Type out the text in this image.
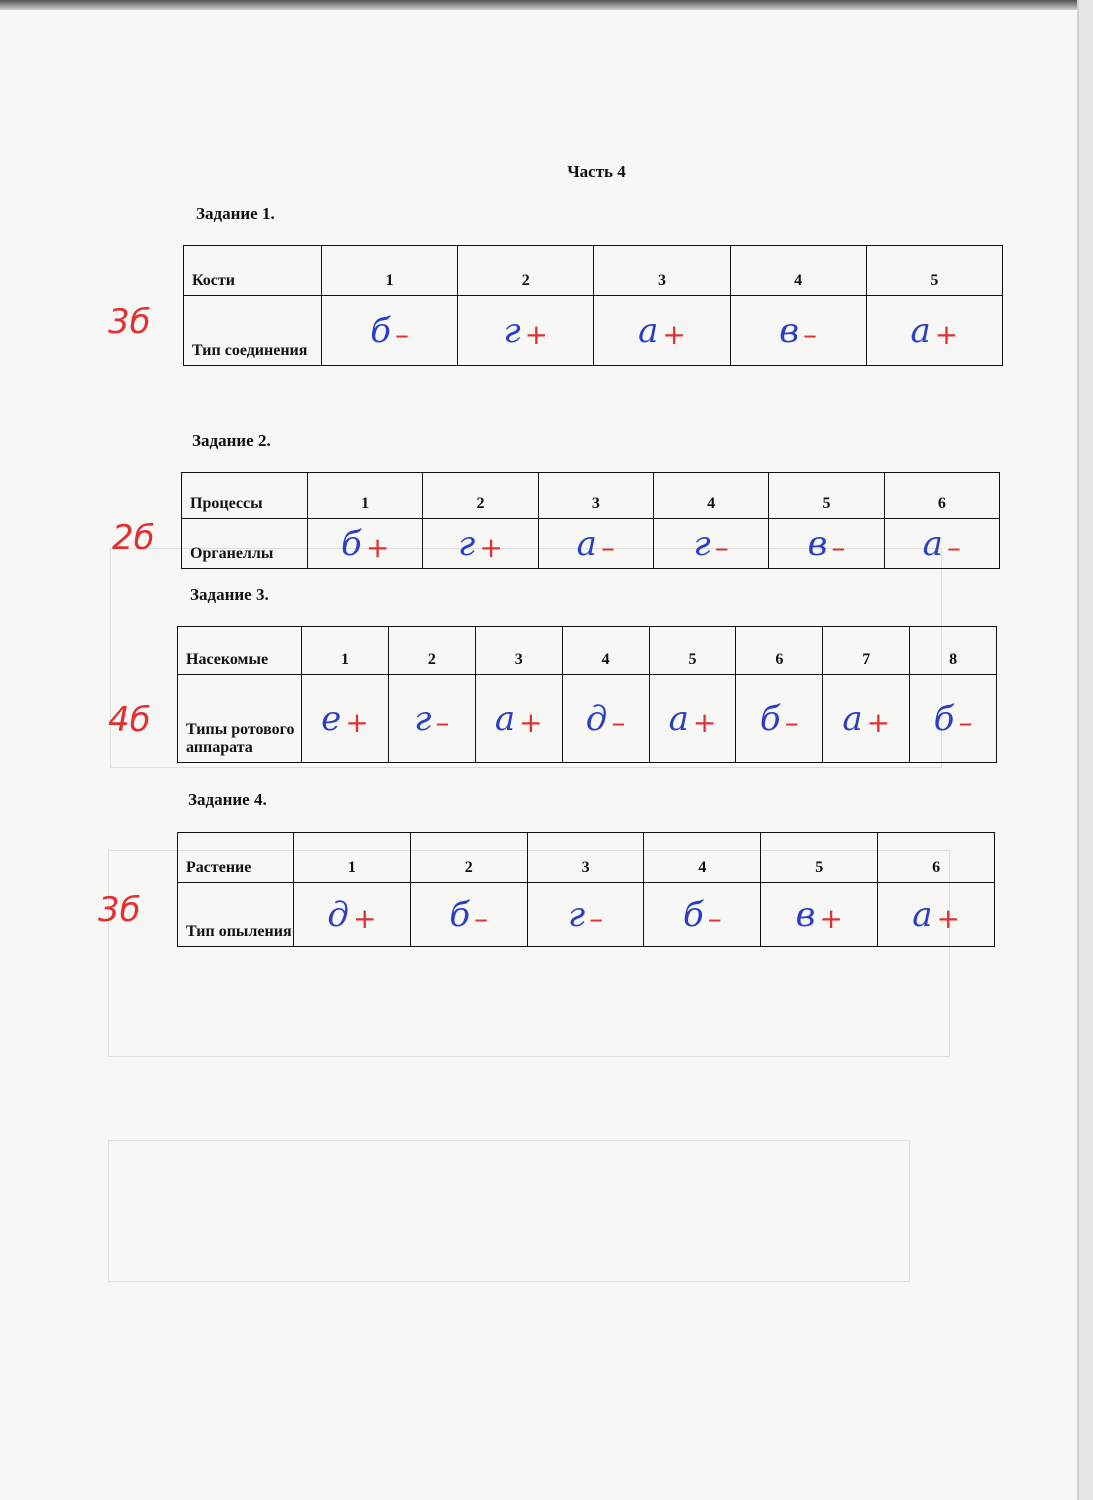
Часть 4
Задание 1.
3б
Кости	1	2	3	4	5
Тип соединения	б –	г +	а +	в –	а +
Задание 2.
2б
Процессы	1	2	3	4	5	6
Органеллы	б +	г +	а –	г –	в –	а –
Задание 3.
4б
Насекомые	1	2	3	4	5	6	7	8
Типы ротового аппарата	е +	г –	а +	д –	а +	б –	а +	б –
Задание 4.
3б
Растение	1	2	3	4	5	6
Тип опыления	д +	б –	г –	б –	в +	а +
